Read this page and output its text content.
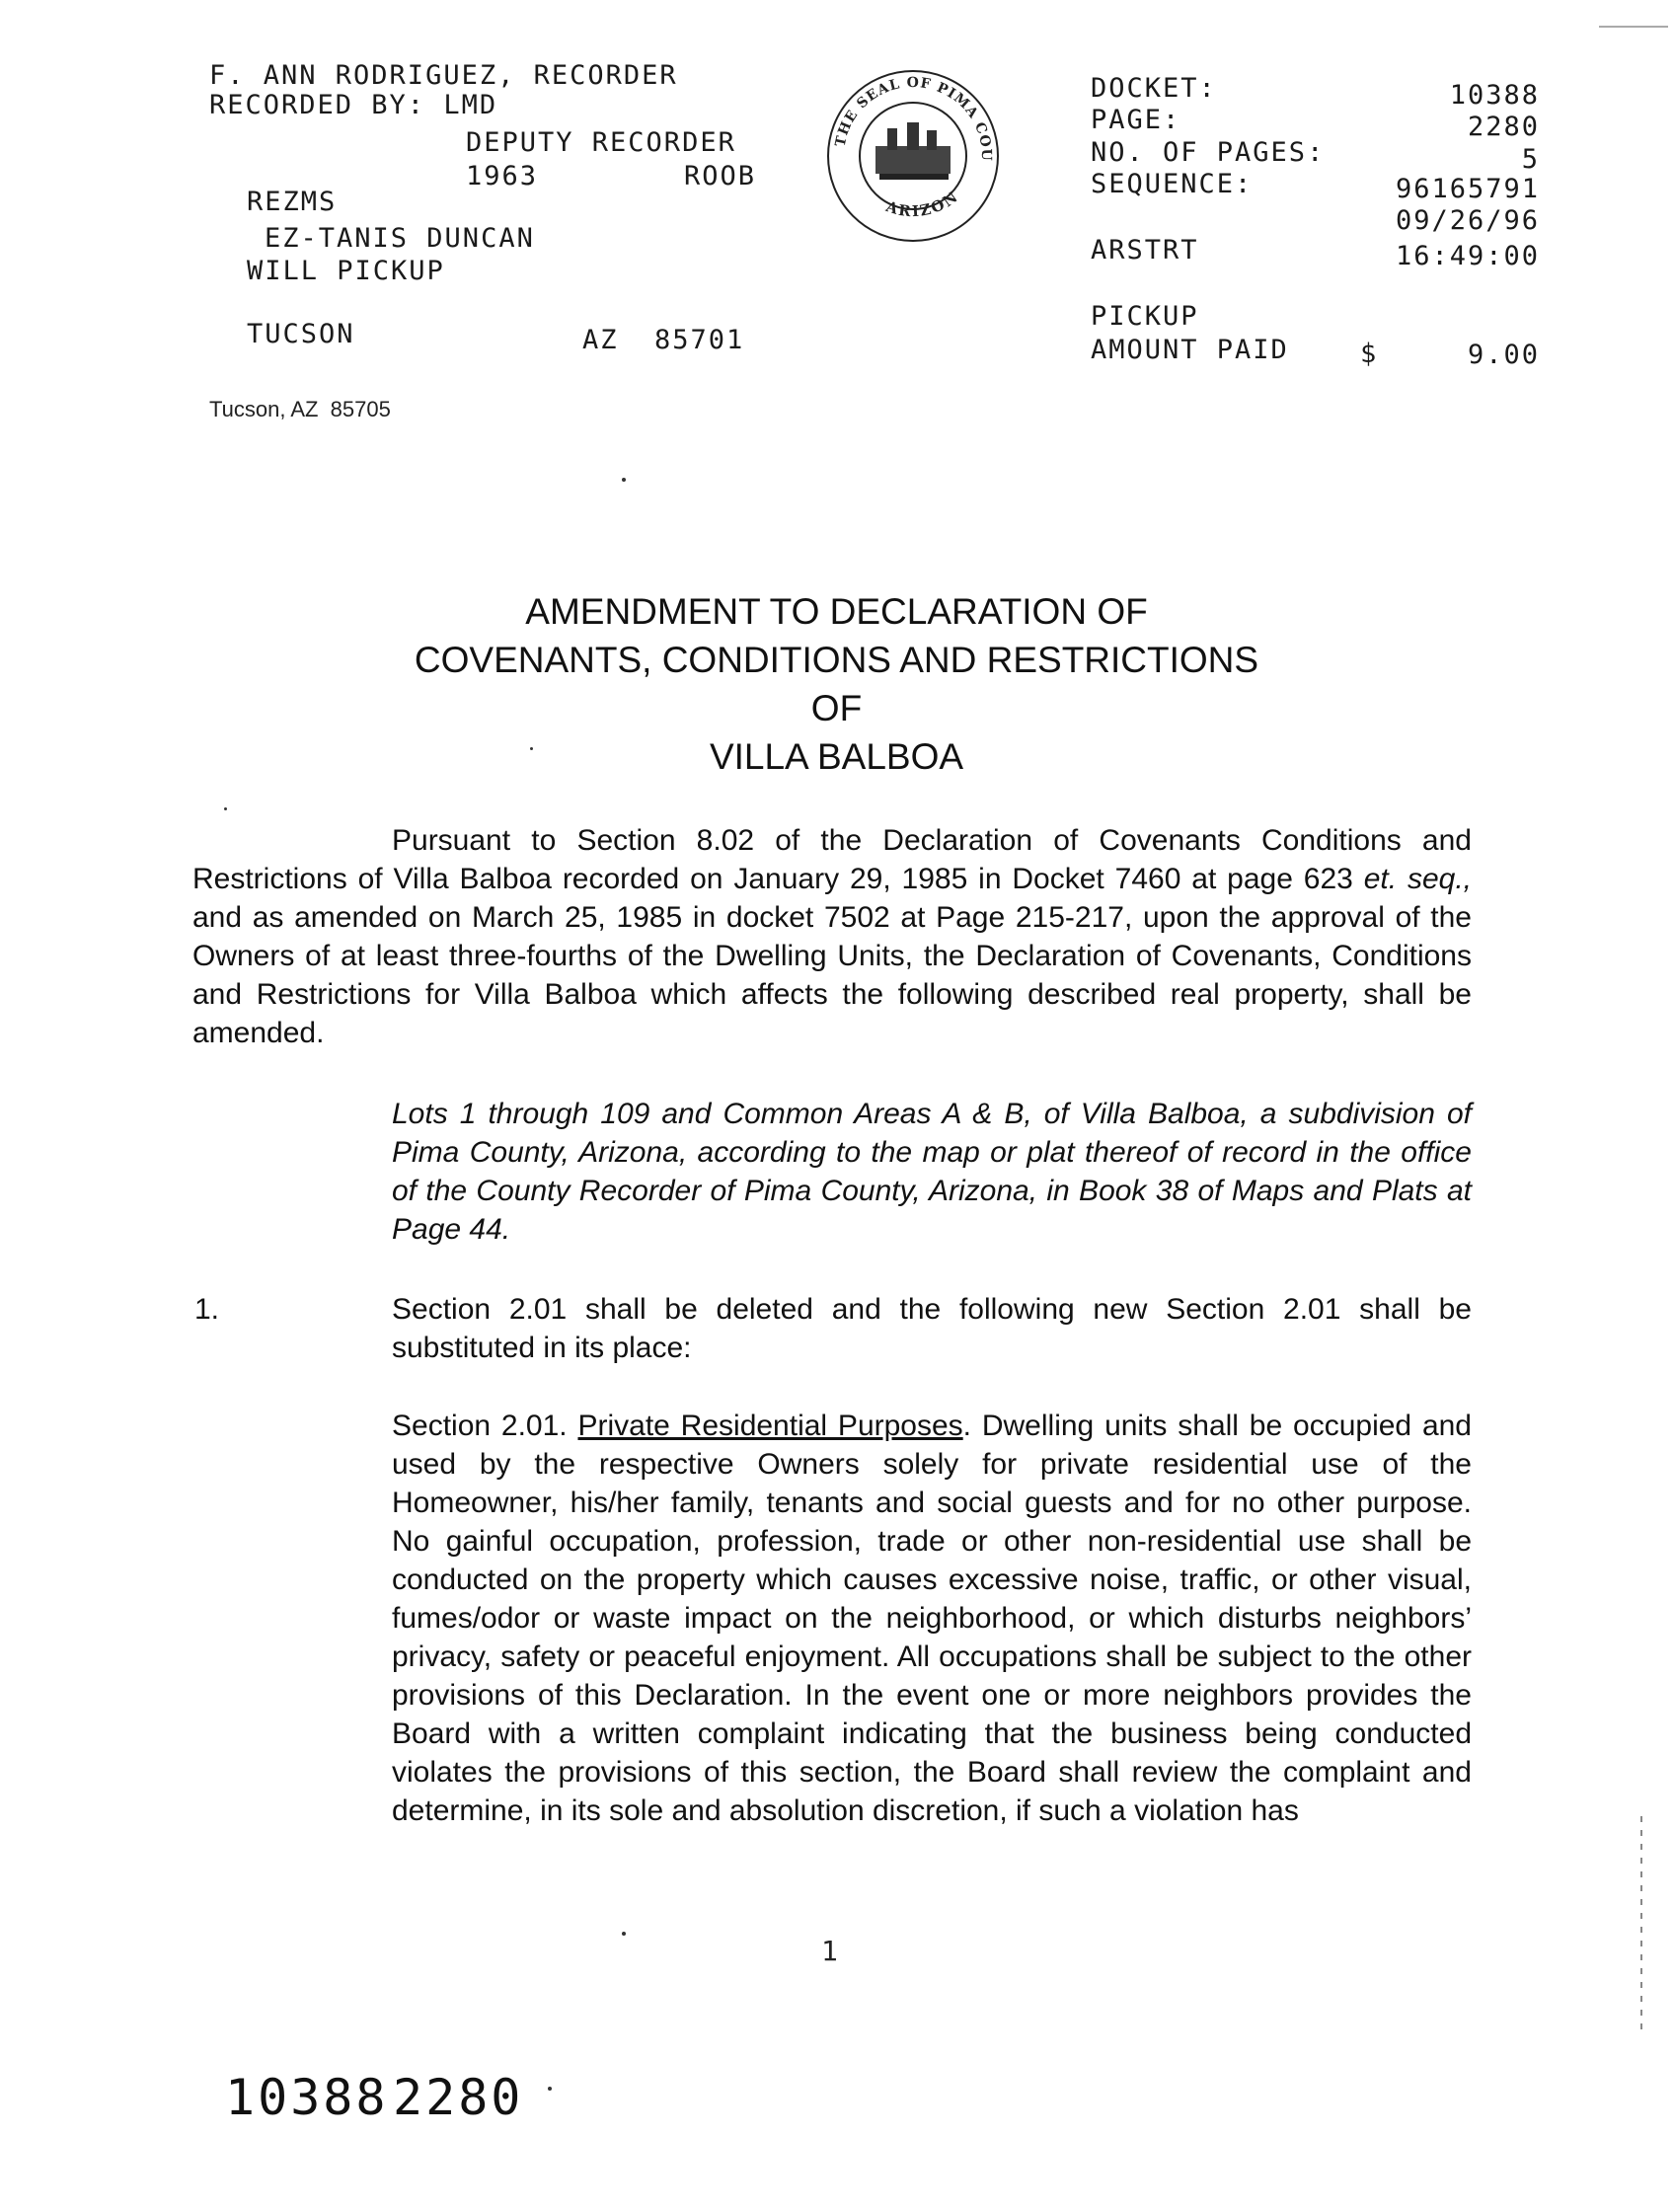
F. ANN RODRIGUEZ, RECORDER
RECORDED BY: LMD
DEPUTY RECORDER
1963	ROOB
REZMS
EZ-TANIS DUNCAN
WILL PICKUP
TUCSON	AZ  85701
THE SEAL OF PIMA COU
ARIZON
DOCKET:	10388
PAGE:	2280
NO. OF PAGES:	5
SEQUENCE:	96165791
09/26/96
ARSTRT	16:49:00
PICKUP
AMOUNT PAID	$	9.00
Tucson, AZ  85705
AMENDMENT TO DECLARATION OF
COVENANTS, CONDITIONS AND RESTRICTIONS
OF
VILLA BALBOA
Pursuant to Section 8.02 of the Declaration of Covenants Conditions and Restrictions of Villa Balboa recorded on January 29, 1985 in Docket 7460 at page 623 et. seq., and as amended on March 25, 1985 in docket 7502 at Page 215-217, upon the approval of the Owners of at least three-fourths of the Dwelling Units, the Declaration of Covenants, Conditions and Restrictions for Villa Balboa which affects the following described real property, shall be amended.
Lots 1 through 109 and Common Areas A & B, of Villa Balboa, a subdivision of Pima County, Arizona, according to the map or plat thereof of record in the office of the County Recorder of Pima County, Arizona, in Book 38 of Maps and Plats at Page 44.
1.	Section 2.01 shall be deleted and the following new Section 2.01 shall be substituted in its place:
Section 2.01. Private Residential Purposes. Dwelling units shall be occupied and used by the respective Owners solely for private residential use of the Homeowner, his/her family, tenants and social guests and for no other purpose. No gainful occupation, profession, trade or other non-residential use shall be conducted on the property which causes excessive noise, traffic, or other visual, fumes/odor or waste impact on the neighborhood, or which disturbs neighbors’ privacy, safety or peaceful enjoyment. All occupations shall be subject to the other provisions of this Declaration. In the event one or more neighbors provides the Board with a written complaint indicating that the business being conducted violates the provisions of this section, the Board shall review the complaint and determine, in its sole and absolution discretion, if such a violation has
1
10388 2280
